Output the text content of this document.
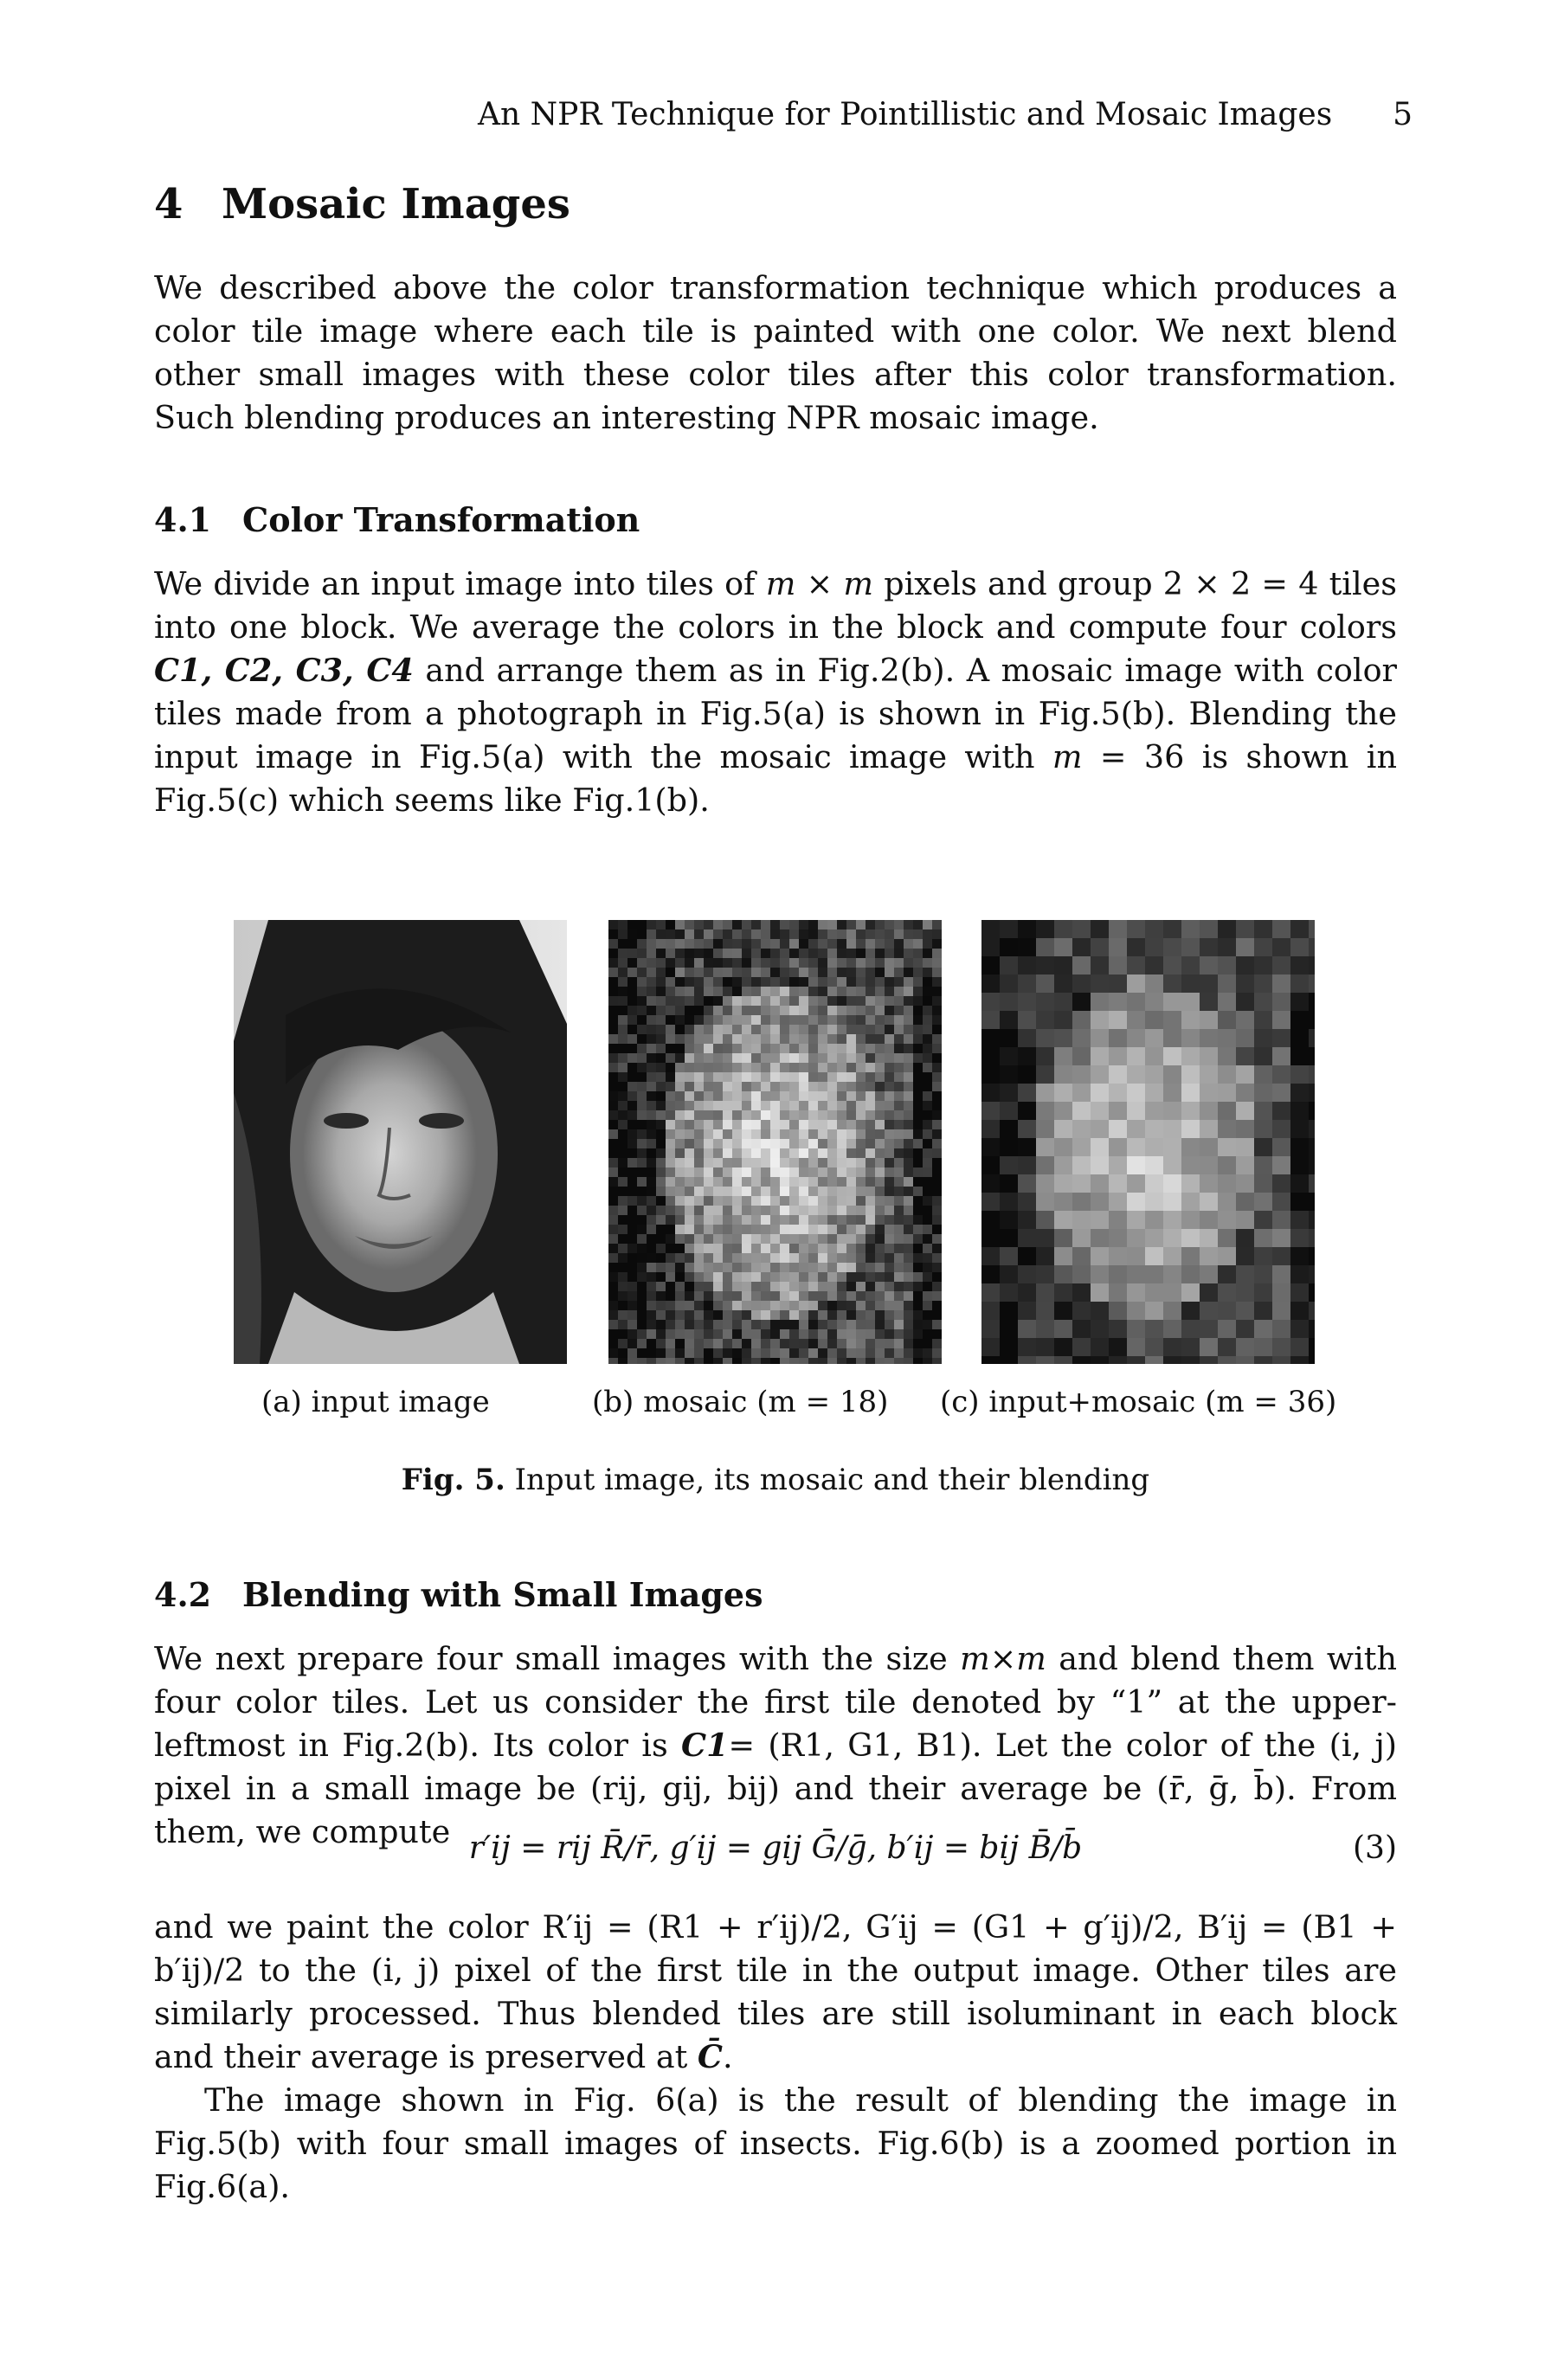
An NPR Technique for Pointillistic and Mosaic Images 5
4 Mosaic Images

We described above the color transformation technique which produces a color tile image where each tile is painted with one color. We next blend other small images with these color tiles after this color transformation. Such blending produces an interesting NPR mosaic image.

4.1 Color Transformation

We divide an input image into tiles of m × m pixels and group 2 × 2 = 4 tiles into one block. We average the colors in the block and compute four colors C1, C2, C3, C4 and arrange them as in Fig.2(b). A mosaic image with color tiles made from a photograph in Fig.5(a) is shown in Fig.5(b). Blending the input image in Fig.5(a) with the mosaic image with m = 36 is shown in Fig.5(c) which seems like Fig.1(b).

(a) input image	(b) mosaic (m = 18) (c) input+mosaic (m = 36)
Fig. 5. Input image, its mosaic and their blending
4.2 Blending with Small Images

We next prepare four small images with the size m×m and blend them with four color tiles. Let us consider the first tile denoted by “1” at the upper-leftmost in Fig.2(b). Its color is C1= (R1, G1, B1). Let the color of the (i, j) pixel in a small image be (rij, gij, bij) and their average be (r̄, ḡ, b̄). From them, we compute r′ij = rij R̄/r̄, g′ij = gij Ḡ/ḡ, b′ij = bij B̄/b̄	(3)

and we paint the color R′ij = (R1 + r′ij)/2, G′ij = (G1 + g′ij)/2, B′ij = (B1 + b′ij)/2 to the (i, j) pixel of the first tile in the output image. Other tiles are similarly processed. Thus blended tiles are still isoluminant in each block and their average is preserved at C̄.

The image shown in Fig. 6(a) is the result of blending the image in Fig.5(b) with four small images of insects. Fig.6(b) is a zoomed portion in Fig.6(a).
